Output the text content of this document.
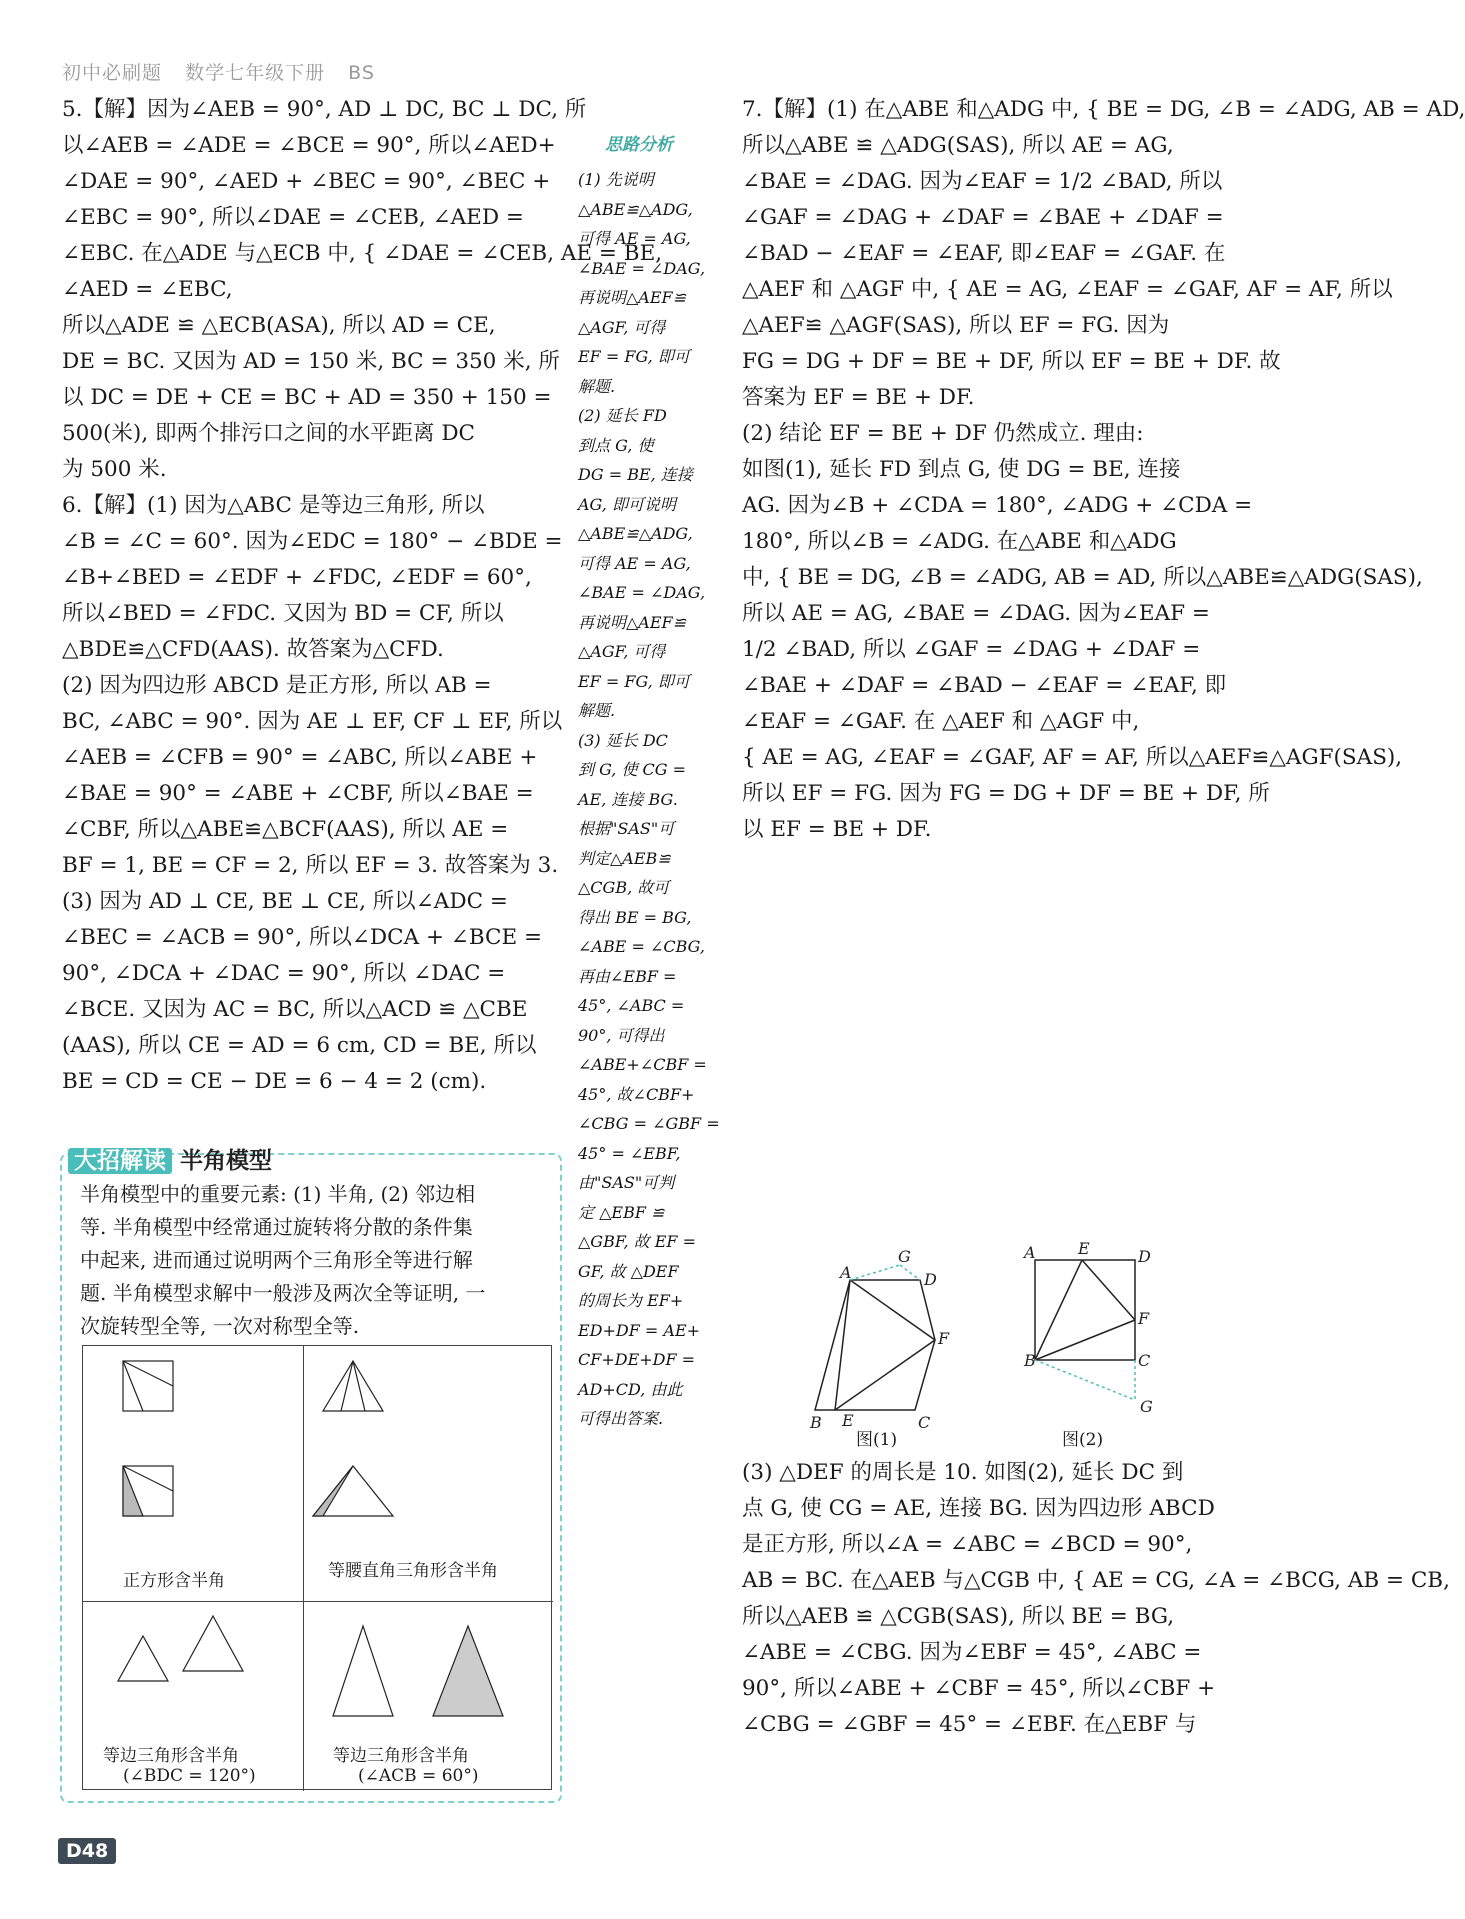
初中必刷题 数学七年级下册 BS
5.【解】因为∠AEB = 90°, AD ⊥ DC, BC ⊥ DC, 所
以∠AEB = ∠ADE = ∠BCE = 90°, 所以∠AED+
∠DAE = 90°, ∠AED + ∠BEC = 90°, ∠BEC +
∠EBC = 90°, 所以∠DAE = ∠CEB, ∠AED =
∠EBC. 在△ADE 与△ECB 中, { ∠DAE = ∠CEB, AE = BE,
∠AED = ∠EBC,
所以△ADE ≌ △ECB(ASA), 所以 AD = CE,
DE = BC. 又因为 AD = 150 米, BC = 350 米, 所
以 DC = DE + CE = BC + AD = 350 + 150 =
500(米), 即两个排污口之间的水平距离 DC
为 500 米.
6.【解】(1) 因为△ABC 是等边三角形, 所以
∠B = ∠C = 60°. 因为∠EDC = 180° − ∠BDE =
∠B+∠BED = ∠EDF + ∠FDC, ∠EDF = 60°,
所以∠BED = ∠FDC. 又因为 BD = CF, 所以
△BDE≌△CFD(AAS). 故答案为△CFD.
(2) 因为四边形 ABCD 是正方形, 所以 AB =
BC, ∠ABC = 90°. 因为 AE ⊥ EF, CF ⊥ EF, 所以
∠AEB = ∠CFB = 90° = ∠ABC, 所以∠ABE +
∠BAE = 90° = ∠ABE + ∠CBF, 所以∠BAE =
∠CBF, 所以△ABE≌△BCF(AAS), 所以 AE =
BF = 1, BE = CF = 2, 所以 EF = 3. 故答案为 3.
(3) 因为 AD ⊥ CE, BE ⊥ CE, 所以∠ADC =
∠BEC = ∠ACB = 90°, 所以∠DCA + ∠BCE =
90°, ∠DCA + ∠DAC = 90°, 所以 ∠DAC =
∠BCE. 又因为 AC = BC, 所以△ACD ≌ △CBE
(AAS), 所以 CE = AD = 6 cm, CD = BE, 所以
BE = CD = CE − DE = 6 − 4 = 2 (cm).
思路分析
(1) 先说明
△ABE≌△ADG,
可得 AE = AG,
∠BAE = ∠DAG,
再说明△AEF≌
△AGF, 可得
EF = FG, 即可
解题.
(2) 延长 FD
到点 G, 使
DG = BE, 连接
AG, 即可说明
△ABE≌△ADG,
可得 AE = AG,
∠BAE = ∠DAG,
再说明△AEF≌
△AGF, 可得
EF = FG, 即可
解题.
(3) 延长 DC
到 G, 使 CG =
AE, 连接 BG.
根据"SAS"可
判定△AEB≌
△CGB, 故可
得出 BE = BG,
∠ABE = ∠CBG,
再由∠EBF =
45°, ∠ABC =
90°, 可得出
∠ABE+∠CBF =
45°, 故∠CBF+
∠CBG = ∠GBF =
45° = ∠EBF,
由"SAS"可判
定 △EBF ≌
△GBF, 故 EF =
GF, 故 △DEF
的周长为 EF+
ED+DF = AE+
CF+DE+DF =
AD+CD, 由此
可得出答案.
7.【解】(1) 在△ABE 和△ADG 中, { BE = DG, ∠B = ∠ADG, AB = AD,
所以△ABE ≌ △ADG(SAS), 所以 AE = AG,
∠BAE = ∠DAG. 因为∠EAF = 1/2 ∠BAD, 所以
∠GAF = ∠DAG + ∠DAF = ∠BAE + ∠DAF =
∠BAD − ∠EAF = ∠EAF, 即∠EAF = ∠GAF. 在
△AEF 和 △AGF 中, { AE = AG, ∠EAF = ∠GAF, AF = AF, 所以
△AEF≌ △AGF(SAS), 所以 EF = FG. 因为
FG = DG + DF = BE + DF, 所以 EF = BE + DF. 故
答案为 EF = BE + DF.
(2) 结论 EF = BE + DF 仍然成立. 理由:
如图(1), 延长 FD 到点 G, 使 DG = BE, 连接
AG. 因为∠B + ∠CDA = 180°, ∠ADG + ∠CDA =
180°, 所以∠B = ∠ADG. 在△ABE 和△ADG
中, { BE = DG, ∠B = ∠ADG, AB = AD, 所以△ABE≌△ADG(SAS),
所以 AE = AG, ∠BAE = ∠DAG. 因为∠EAF =
1/2 ∠BAD, 所以 ∠GAF = ∠DAG + ∠DAF =
∠BAE + ∠DAF = ∠BAD − ∠EAF = ∠EAF, 即
∠EAF = ∠GAF. 在 △AEF 和 △AGF 中,
{ AE = AG, ∠EAF = ∠GAF, AF = AF, 所以△AEF≌△AGF(SAS),
所以 EF = FG. 因为 FG = DG + DF = BE + DF, 所
以 EF = BE + DF.
A
G
D
F
B E	C
A	E	D
F
B	C
G
图(1)	图(2)
(3) △DEF 的周长是 10. 如图(2), 延长 DC 到
点 G, 使 CG = AE, 连接 BG. 因为四边形 ABCD
是正方形, 所以∠A = ∠ABC = ∠BCD = 90°,
AB = BC. 在△AEB 与△CGB 中, { AE = CG, ∠A = ∠BCG, AB = CB,
所以△AEB ≌ △CGB(SAS), 所以 BE = BG,
∠ABE = ∠CBG. 因为∠EBF = 45°, ∠ABC =
90°, 所以∠ABE + ∠CBF = 45°, 所以∠CBF +
∠CBG = ∠GBF = 45° = ∠EBF. 在△EBF 与
大招解读 半角模型
半角模型中的重要元素: (1) 半角, (2) 邻边相
等. 半角模型中经常通过旋转将分散的条件集
中起来, 进而通过说明两个三角形全等进行解
题. 半角模型求解中一般涉及两次全等证明, 一
次旋转型全等, 一次对称型全等.
正方形含半角	等腰直角三角形含半角
等边三角形含半角
(∠BDC = 120°)
等边三角形含半角
(∠ACB = 60°)
D48
